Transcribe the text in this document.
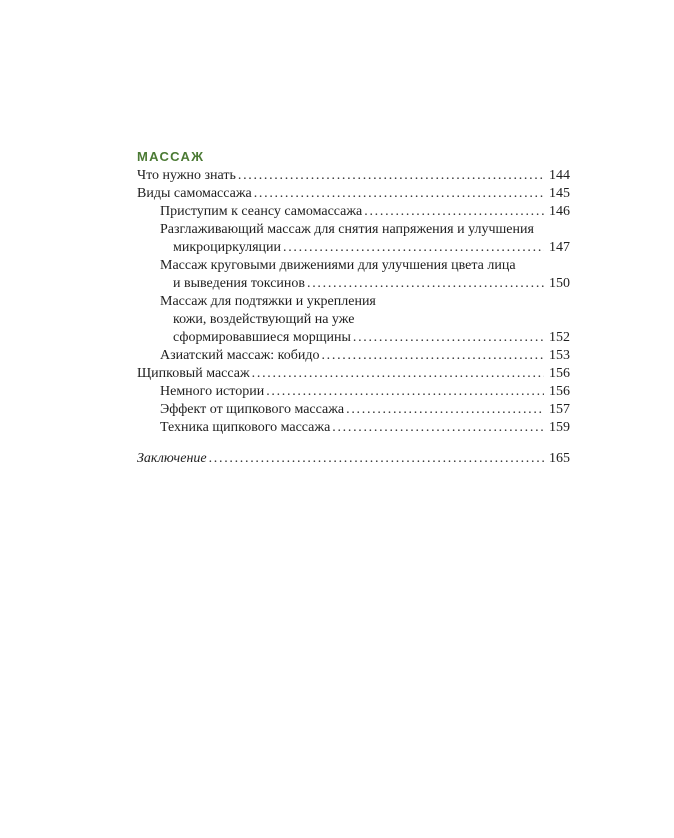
МАССАЖ
Что нужно знать .....	144
Виды самомассажа .....	145
Приступим к сеансу самомассажа .....	146
Разглаживающий массаж для снятия напряжения и улучшения
микроциркуляции .....	147
Массаж круговыми движениями для улучшения цвета лица
и выведения токсинов .....	150
Массаж для подтяжки и укрепления
кожи, воздействующий на уже
сформировавшиеся морщины .....	152
Азиатский массаж: кобидо .....	153
Щипковый массаж .....	156
Немного истории .....	156
Эффект от щипкового массажа .....	157
Техника щипкового массажа .....	159
Заключение .....	165
